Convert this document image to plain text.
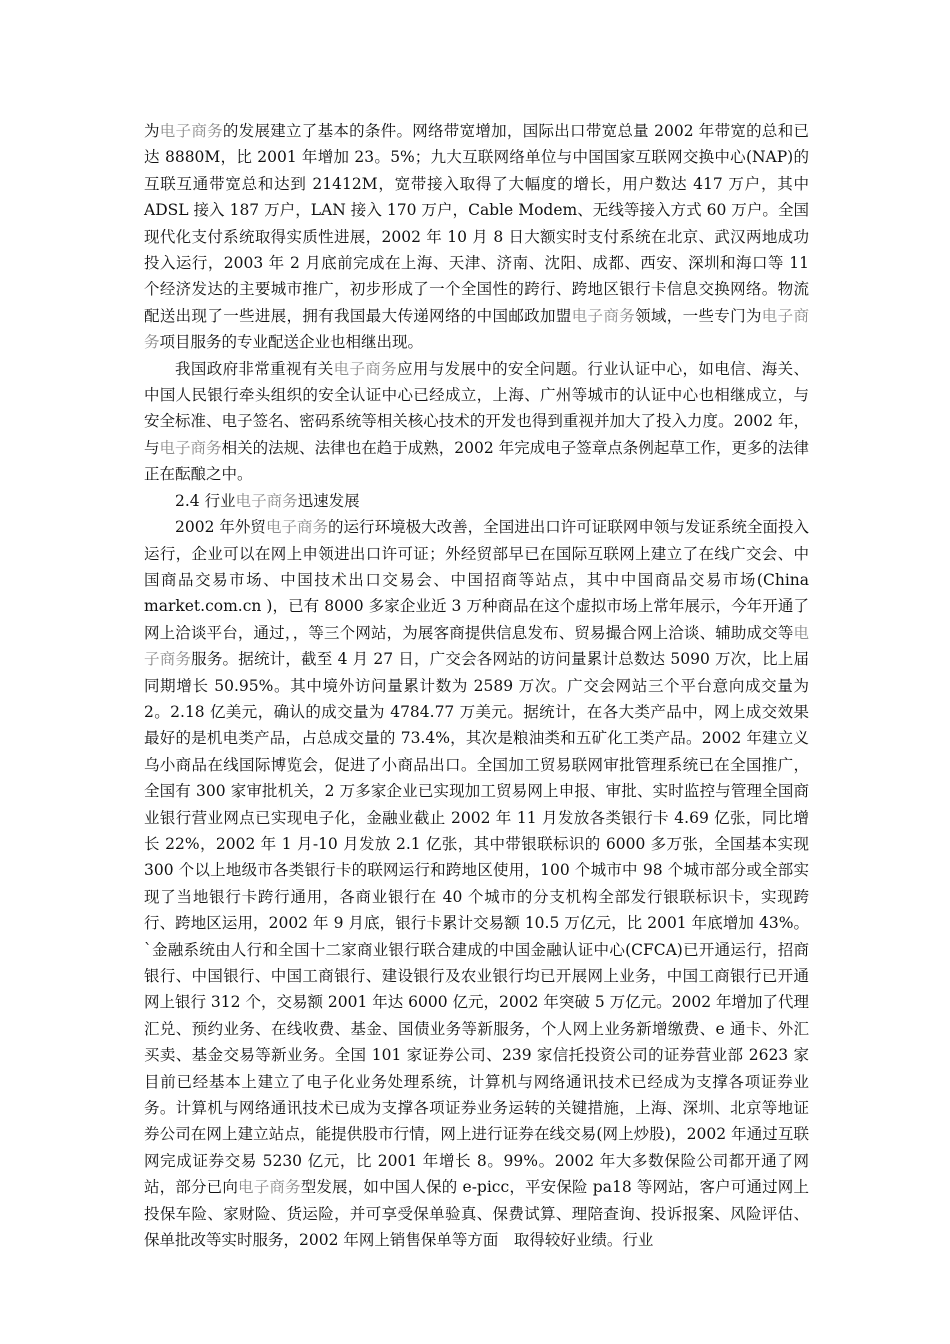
为电子商务的发展建立了基本的条件。网络带宽增加，国际出口带宽总量 2002 年带宽的总和已达 8880M，比 2001 年增加 23。5%；九大互联网络单位与中国国家互联网交换中心(NAP)的互联互通带宽总和达到 21412M，宽带接入取得了大幅度的增长，用户数达 417 万户，其中 ADSL 接入 187 万户，LAN 接入 170 万户，Cable Modem、无线等接入方式 60 万户。全国现代化支付系统取得实质性进展，2002 年 10 月 8 日大额实时支付系统在北京、武汉两地成功投入运行，2003 年 2 月底前完成在上海、天津、济南、沈阳、成都、西安、深圳和海口等 11 个经济发达的主要城市推广，初步形成了一个全国性的跨行、跨地区银行卡信息交换网络。物流配送出现了一些进展，拥有我国最大传递网络的中国邮政加盟电子商务领域，一些专门为电子商务项目服务的专业配送企业也相继出现。

我国政府非常重视有关电子商务应用与发展中的安全问题。行业认证中心，如电信、海关、中国人民银行牵头组织的安全认证中心已经成立，上海、广州等城市的认证中心也相继成立，与安全标准、电子签名、密码系统等相关核心技术的开发也得到重视并加大了投入力度。2002 年，与电子商务相关的法规、法律也在趋于成熟，2002 年完成电子签章点条例起草工作，更多的法律正在酝酿之中。

2.4 行业电子商务迅速发展

2002 年外贸电子商务的运行环境极大改善，全国进出口许可证联网申领与发证系统全面投入运行，企业可以在网上申领进出口许可证；外经贸部早已在国际互联网上建立了在线广交会、中国商品交易市场、中国技术出口交易会、中国招商等站点，其中中国商品交易市场(China market.com.cn )，已有 8000 多家企业近 3 万种商品在这个虚拟市场上常年展示，今年开通了网上洽谈平台，通过，，等三个网站，为展客商提供信息发布、贸易撮合网上洽谈、辅助成交等电子商务服务。据统计，截至 4 月 27 日，广交会各网站的访问量累计总数达 5090 万次，比上届同期增长 50.95%。其中境外访问量累计数为 2589 万次。广交会网站三个平台意向成交量为 2。2.18 亿美元，确认的成交量为 4784.77 万美元。据统计，在各大类产品中，网上成交效果最好的是机电类产品，占总成交量的 73.4%，其次是粮油类和五矿化工类产品。2002 年建立义乌小商品在线国际博览会，促进了小商品出口。全国加工贸易联网审批管理系统已在全国推广，全国有 300 家审批机关，2 万多家企业已实现加工贸易网上申报、审批、实时监控与管理全国商业银行营业网点已实现电子化，金融业截止 2002 年 11 月发放各类银行卡 4.69 亿张，同比增长 22%，2002 年 1 月-10 月发放 2.1 亿张，其中带银联标识的 6000 多万张，全国基本实现 300 个以上地级市各类银行卡的联网运行和跨地区使用，100 个城市中 98 个城市部分或全部实现了当地银行卡跨行通用，各商业银行在 40 个城市的分支机构全部发行银联标识卡，实现跨行、跨地区运用，2002 年 9 月底，银行卡累计交易额 10.5 万亿元，比 2001 年底增加 43%。`金融系统由人行和全国十二家商业银行联合建成的中国金融认证中心(CFCA)已开通运行，招商银行、中国银行、中国工商银行、建设银行及农业银行均已开展网上业务，中国工商银行已开通网上银行 312 个，交易额 2001 年达 6000 亿元，2002 年突破 5 万亿元。2002 年增加了代理汇兑、预约业务、在线收费、基金、国债业务等新服务，个人网上业务新增缴费、e 通卡、外汇买卖、基金交易等新业务。全国 101 家证券公司、239 家信托投资公司的证券营业部 2623 家目前已经基本上建立了电子化业务处理系统，计算机与网络通讯技术已经成为支撑各项证券业务。计算机与网络通讯技术已成为支撑各项证券业务运转的关键措施，上海、深圳、北京等地证券公司在网上建立站点，能提供股市行情，网上进行证券在线交易(网上炒股)，2002 年通过互联网完成证券交易 5230 亿元，比 2001 年增长 8。99%。2002 年大多数保险公司都开通了网站，部分已向电子商务型发展，如中国人保的 e-picc，平安保险 pa18 等网站，客户可通过网上投保车险、家财险、货运险，并可享受保单验真、保费试算、理陪查询、投诉报案、风险评估、保单批改等实时服务，2002 年网上销售保单等方面　取得较好业绩。行业
